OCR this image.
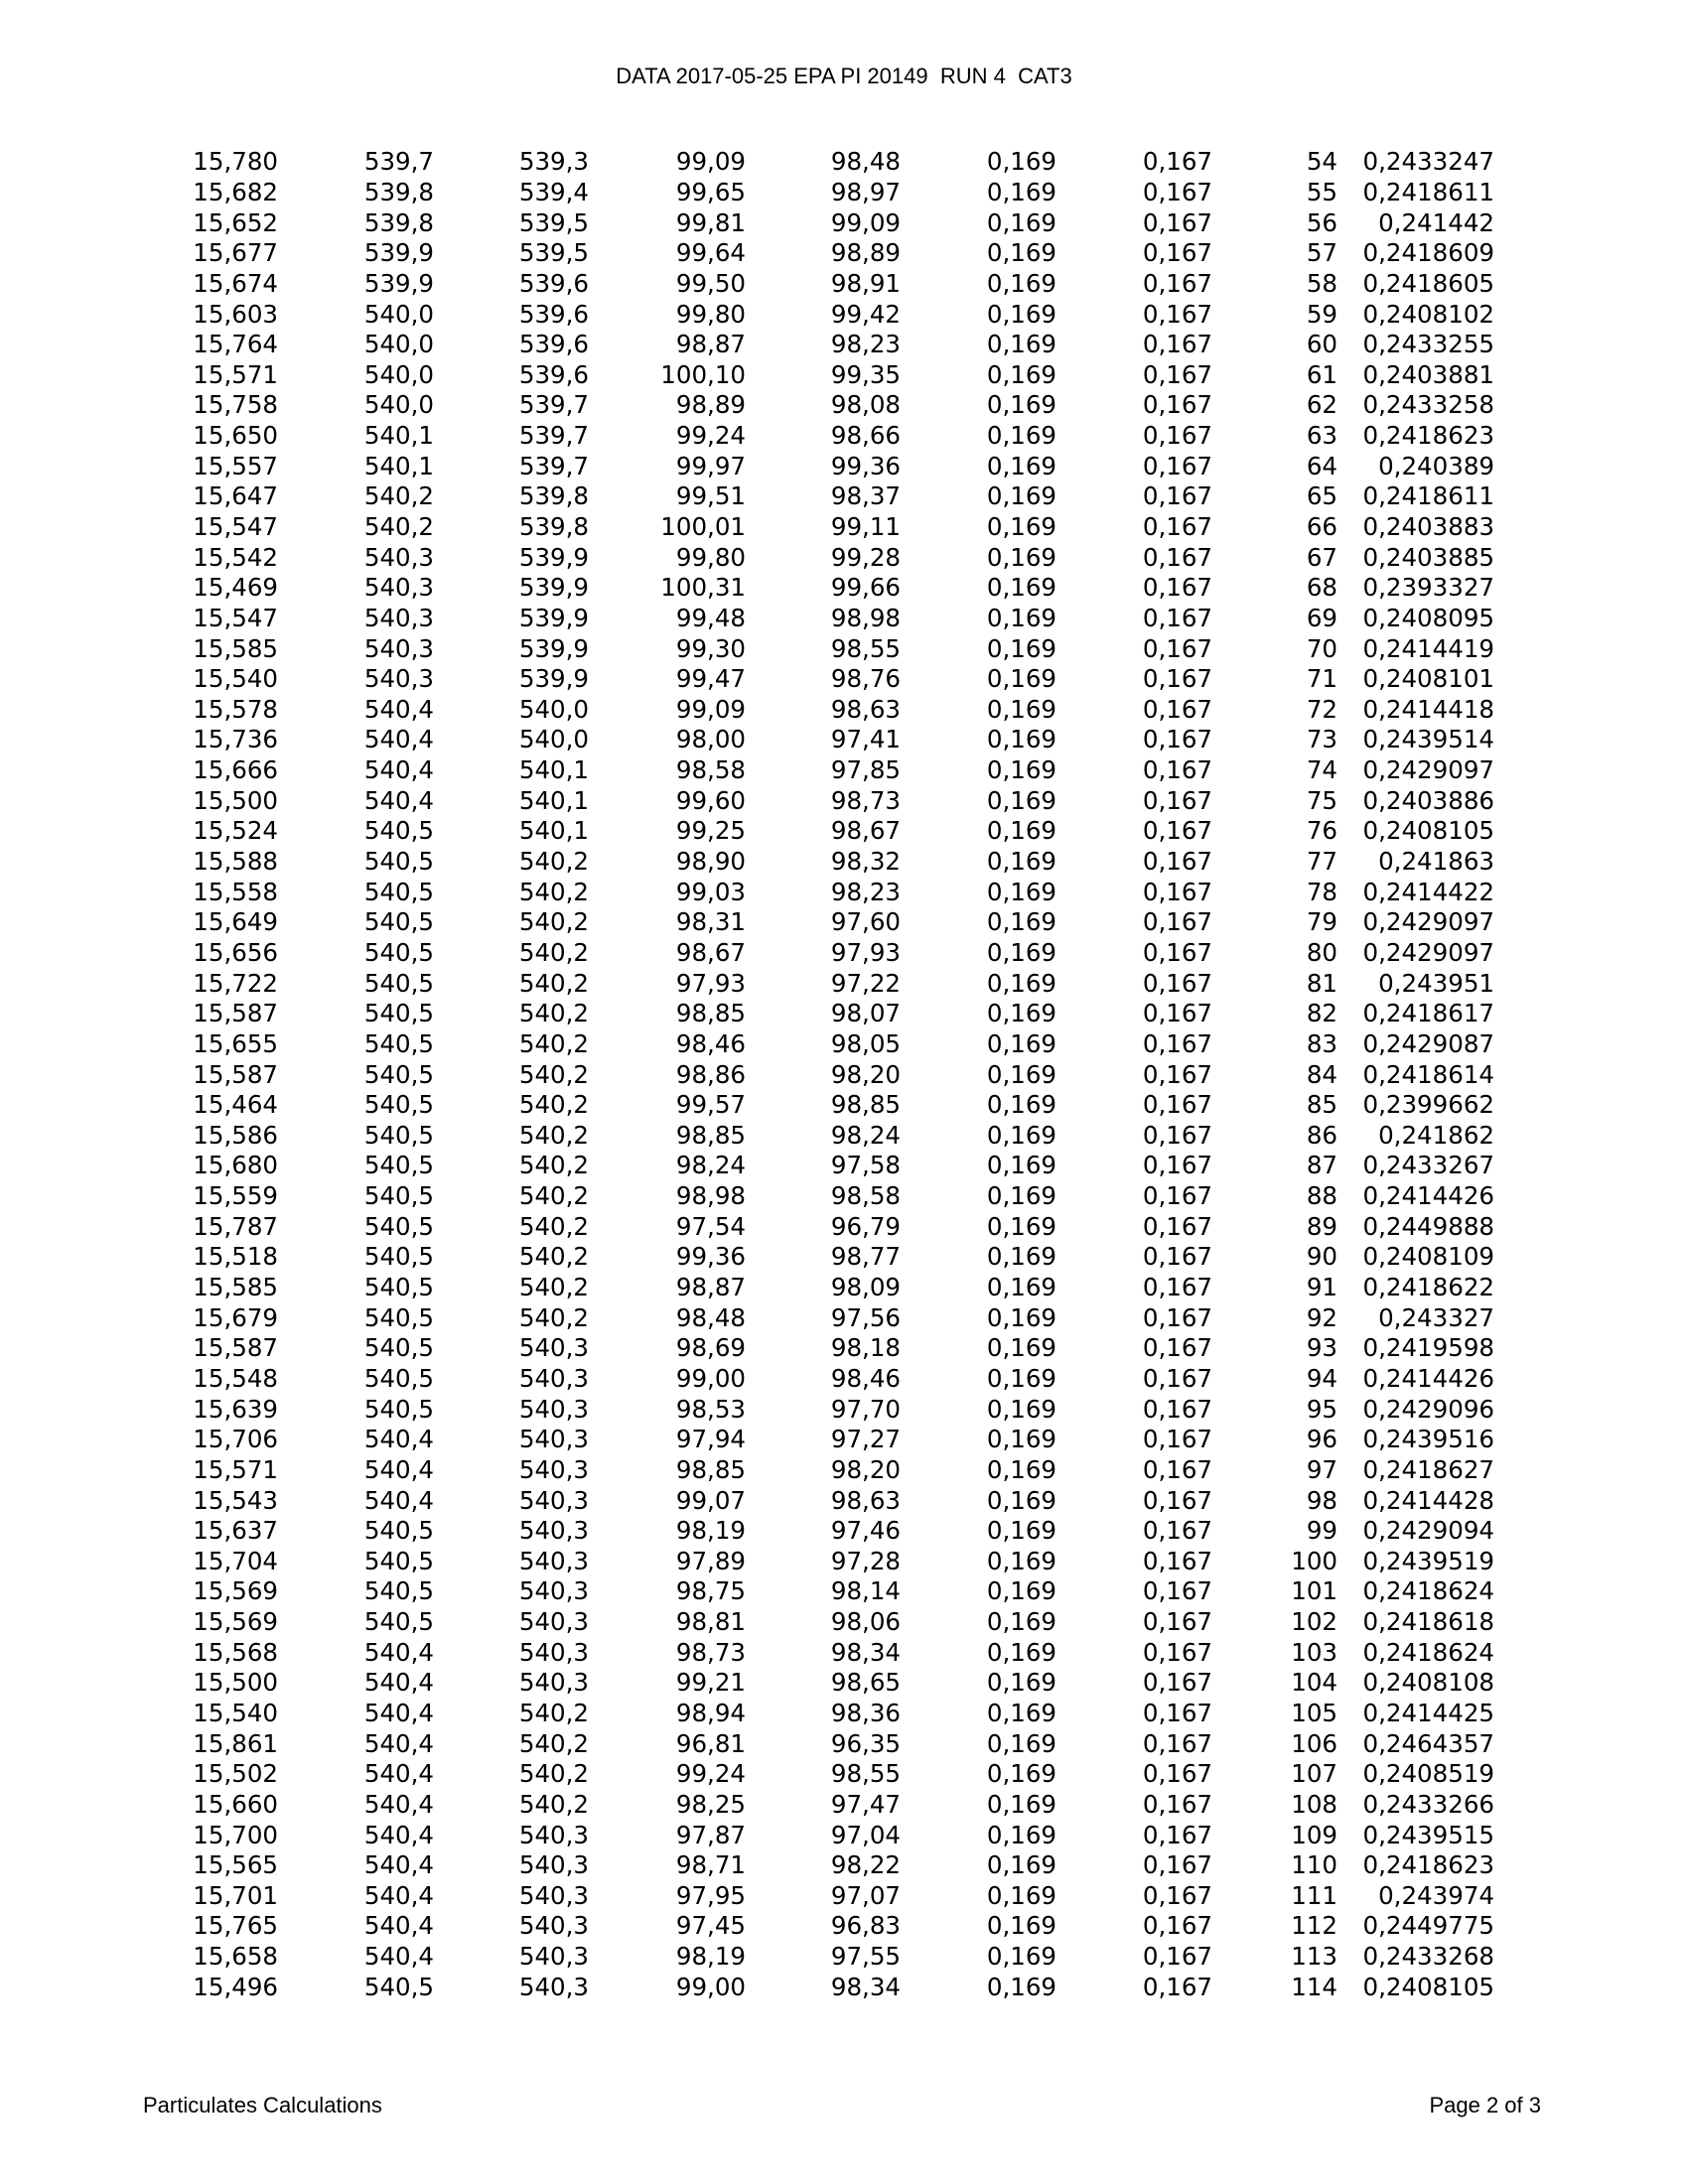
DATA 2017-05-25 EPA PI 20149  RUN 4  CAT3
15,780	539,7	539,3	99,09	98,48	0,169	0,167	54	0,2433247
15,682	539,8	539,4	99,65	98,97	0,169	0,167	55	0,2418611
15,652	539,8	539,5	99,81	99,09	0,169	0,167	56	0,241442
15,677	539,9	539,5	99,64	98,89	0,169	0,167	57	0,2418609
15,674	539,9	539,6	99,50	98,91	0,169	0,167	58	0,2418605
15,603	540,0	539,6	99,80	99,42	0,169	0,167	59	0,2408102
15,764	540,0	539,6	98,87	98,23	0,169	0,167	60	0,2433255
15,571	540,0	539,6	100,10	99,35	0,169	0,167	61	0,2403881
15,758	540,0	539,7	98,89	98,08	0,169	0,167	62	0,2433258
15,650	540,1	539,7	99,24	98,66	0,169	0,167	63	0,2418623
15,557	540,1	539,7	99,97	99,36	0,169	0,167	64	0,240389
15,647	540,2	539,8	99,51	98,37	0,169	0,167	65	0,2418611
15,547	540,2	539,8	100,01	99,11	0,169	0,167	66	0,2403883
15,542	540,3	539,9	99,80	99,28	0,169	0,167	67	0,2403885
15,469	540,3	539,9	100,31	99,66	0,169	0,167	68	0,2393327
15,547	540,3	539,9	99,48	98,98	0,169	0,167	69	0,2408095
15,585	540,3	539,9	99,30	98,55	0,169	0,167	70	0,2414419
15,540	540,3	539,9	99,47	98,76	0,169	0,167	71	0,2408101
15,578	540,4	540,0	99,09	98,63	0,169	0,167	72	0,2414418
15,736	540,4	540,0	98,00	97,41	0,169	0,167	73	0,2439514
15,666	540,4	540,1	98,58	97,85	0,169	0,167	74	0,2429097
15,500	540,4	540,1	99,60	98,73	0,169	0,167	75	0,2403886
15,524	540,5	540,1	99,25	98,67	0,169	0,167	76	0,2408105
15,588	540,5	540,2	98,90	98,32	0,169	0,167	77	0,241863
15,558	540,5	540,2	99,03	98,23	0,169	0,167	78	0,2414422
15,649	540,5	540,2	98,31	97,60	0,169	0,167	79	0,2429097
15,656	540,5	540,2	98,67	97,93	0,169	0,167	80	0,2429097
15,722	540,5	540,2	97,93	97,22	0,169	0,167	81	0,243951
15,587	540,5	540,2	98,85	98,07	0,169	0,167	82	0,2418617
15,655	540,5	540,2	98,46	98,05	0,169	0,167	83	0,2429087
15,587	540,5	540,2	98,86	98,20	0,169	0,167	84	0,2418614
15,464	540,5	540,2	99,57	98,85	0,169	0,167	85	0,2399662
15,586	540,5	540,2	98,85	98,24	0,169	0,167	86	0,241862
15,680	540,5	540,2	98,24	97,58	0,169	0,167	87	0,2433267
15,559	540,5	540,2	98,98	98,58	0,169	0,167	88	0,2414426
15,787	540,5	540,2	97,54	96,79	0,169	0,167	89	0,2449888
15,518	540,5	540,2	99,36	98,77	0,169	0,167	90	0,2408109
15,585	540,5	540,2	98,87	98,09	0,169	0,167	91	0,2418622
15,679	540,5	540,2	98,48	97,56	0,169	0,167	92	0,243327
15,587	540,5	540,3	98,69	98,18	0,169	0,167	93	0,2419598
15,548	540,5	540,3	99,00	98,46	0,169	0,167	94	0,2414426
15,639	540,5	540,3	98,53	97,70	0,169	0,167	95	0,2429096
15,706	540,4	540,3	97,94	97,27	0,169	0,167	96	0,2439516
15,571	540,4	540,3	98,85	98,20	0,169	0,167	97	0,2418627
15,543	540,4	540,3	99,07	98,63	0,169	0,167	98	0,2414428
15,637	540,5	540,3	98,19	97,46	0,169	0,167	99	0,2429094
15,704	540,5	540,3	97,89	97,28	0,169	0,167	100	0,2439519
15,569	540,5	540,3	98,75	98,14	0,169	0,167	101	0,2418624
15,569	540,5	540,3	98,81	98,06	0,169	0,167	102	0,2418618
15,568	540,4	540,3	98,73	98,34	0,169	0,167	103	0,2418624
15,500	540,4	540,3	99,21	98,65	0,169	0,167	104	0,2408108
15,540	540,4	540,2	98,94	98,36	0,169	0,167	105	0,2414425
15,861	540,4	540,2	96,81	96,35	0,169	0,167	106	0,2464357
15,502	540,4	540,2	99,24	98,55	0,169	0,167	107	0,2408519
15,660	540,4	540,2	98,25	97,47	0,169	0,167	108	0,2433266
15,700	540,4	540,3	97,87	97,04	0,169	0,167	109	0,2439515
15,565	540,4	540,3	98,71	98,22	0,169	0,167	110	0,2418623
15,701	540,4	540,3	97,95	97,07	0,169	0,167	111	0,243974
15,765	540,4	540,3	97,45	96,83	0,169	0,167	112	0,2449775
15,658	540,4	540,3	98,19	97,55	0,169	0,167	113	0,2433268
15,496	540,5	540,3	99,00	98,34	0,169	0,167	114	0,2408105
Particulates Calculations	Page 2 of 3
